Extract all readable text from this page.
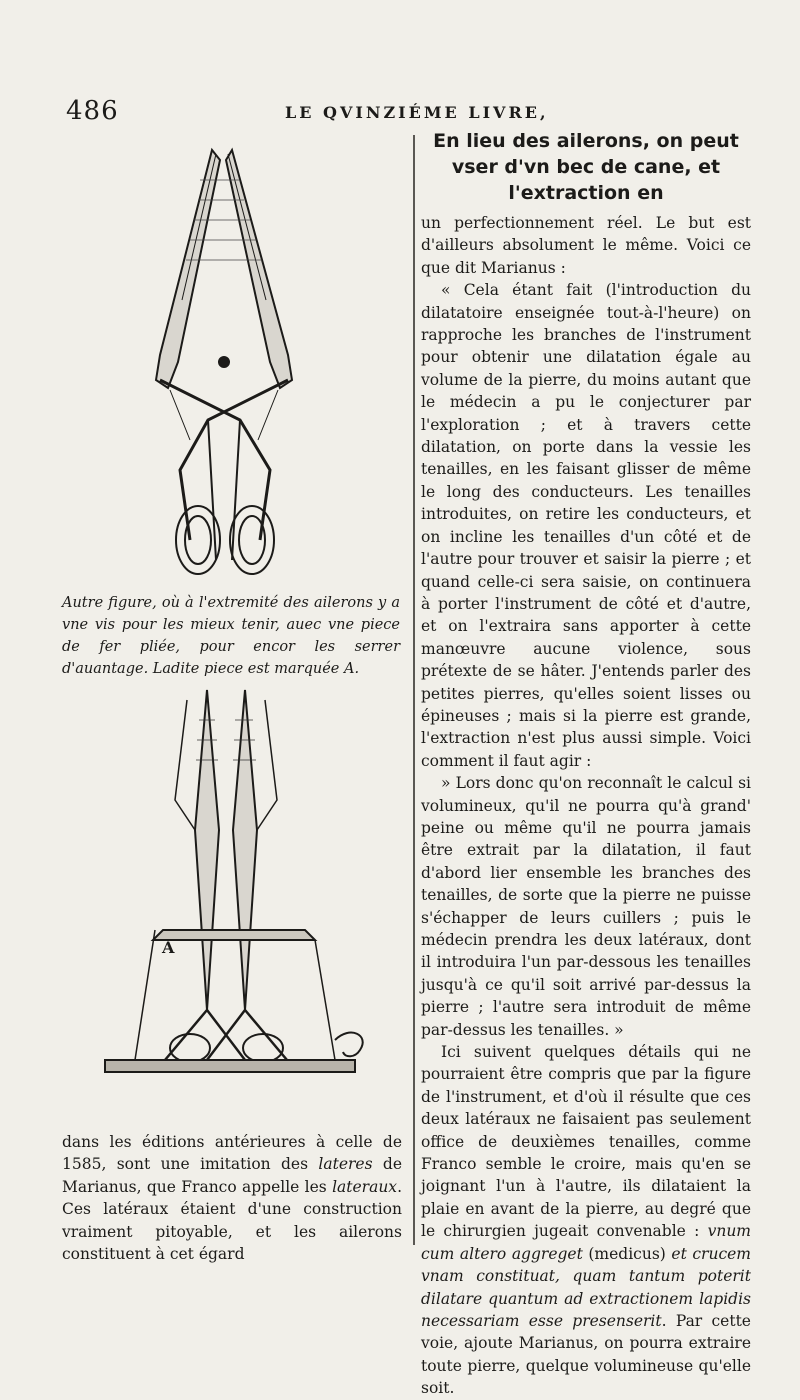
486	LE QVINZIÉME LIVRE,
Autre figure, où à l'extremité des ailerons y a vne vis pour les mieux tenir, auec vne piece de fer pliée, pour encor les serrer d'auantage. Ladite piece est marquée A.
A
dans les éditions antérieures à celle de 1585, sont une imitation des lateres de Marianus, que Franco appelle les lateraux. Ces latéraux étaient d'une construction vraiment pitoyable, et les ailerons constituent à cet égard
En lieu des ailerons, on peut vser d'vn bec de cane, et l'extraction en

un perfectionnement réel. Le but est d'ailleurs absolument le même. Voici ce que dit Marianus :

« Cela étant fait (l'introduction du dilatatoire enseignée tout-à-l'heure) on rapproche les branches de l'instrument pour obtenir une dilatation égale au volume de la pierre, du moins autant que le médecin a pu le conjecturer par l'exploration ; et à travers cette dilatation, on porte dans la vessie les tenailles, en les faisant glisser de même le long des conducteurs. Les tenailles introduites, on retire les conducteurs, et on incline les tenailles d'un côté et de l'autre pour trouver et saisir la pierre ; et quand celle-ci sera saisie, on continuera à porter l'instrument de côté et d'autre, et on l'extraira sans apporter à cette manœuvre aucune violence, sous prétexte de se hâter. J'entends parler des petites pierres, qu'elles soient lisses ou épineuses ; mais si la pierre est grande, l'extraction n'est plus aussi simple. Voici comment il faut agir :

» Lors donc qu'on reconnaît le calcul si volumineux, qu'il ne pourra qu'à grand' peine ou même qu'il ne pourra jamais être extrait par la dilatation, il faut d'abord lier ensemble les branches des tenailles, de sorte que la pierre ne puisse s'échapper de leurs cuillers ; puis le médecin prendra les deux latéraux, dont il introduira l'un par-dessous les tenailles jusqu'à ce qu'il soit arrivé par-dessus la pierre ; l'autre sera introduit de même par-dessus les tenailles. »

Ici suivent quelques détails qui ne pourraient être compris que par la figure de l'instrument, et d'où il résulte que ces deux latéraux ne faisaient pas seulement office de deuxièmes tenailles, comme Franco semble le croire, mais qu'en se joignant l'un à l'autre, ils dilataient la plaie en avant de la pierre, au degré que le chirurgien jugeait convenable : vnum cum altero aggreget (medicus) et crucem vnam constituat, quam tantum poterit dilatare quantum ad extractionem lapidis necessariam esse presenserit. Par cette voie, ajoute Marianus, on pourra extraire toute pierre, quelque volumineuse qu'elle soit.
